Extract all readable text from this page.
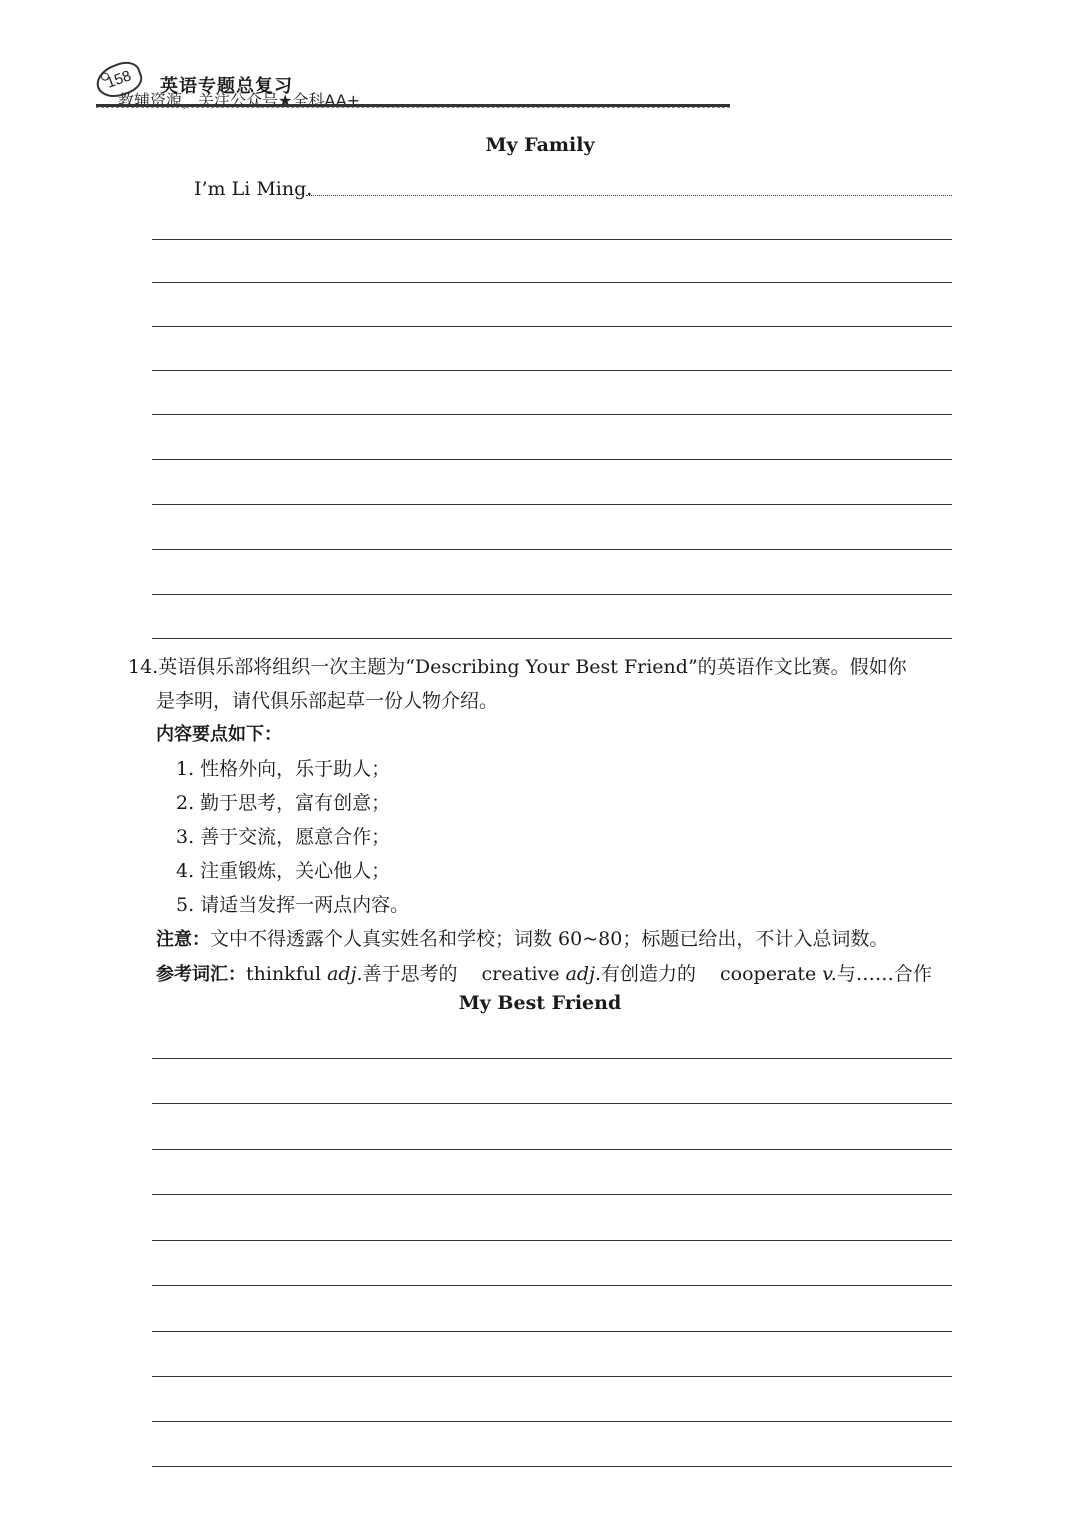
158	英语专题总复习
教辅资源，关注公众号★全科AA+
My Family
I’m Li Ming.

14.英语俱乐部将组织一次主题为“Describing Your Best Friend”的英语作文比赛。假如你

是李明，请代俱乐部起草一份人物介绍。

内容要点如下：

1. 性格外向，乐于助人；

2. 勤于思考，富有创意；

3. 善于交流，愿意合作；

4. 注重锻炼，关心他人；

5. 请适当发挥一两点内容。

注意：文中不得透露个人真实姓名和学校；词数 60~80；标题已给出，不计入总词数。

参考词汇：thinkful adj.善于思考的 creative adj.有创造力的 cooperate v.与……合作

My Best Friend
